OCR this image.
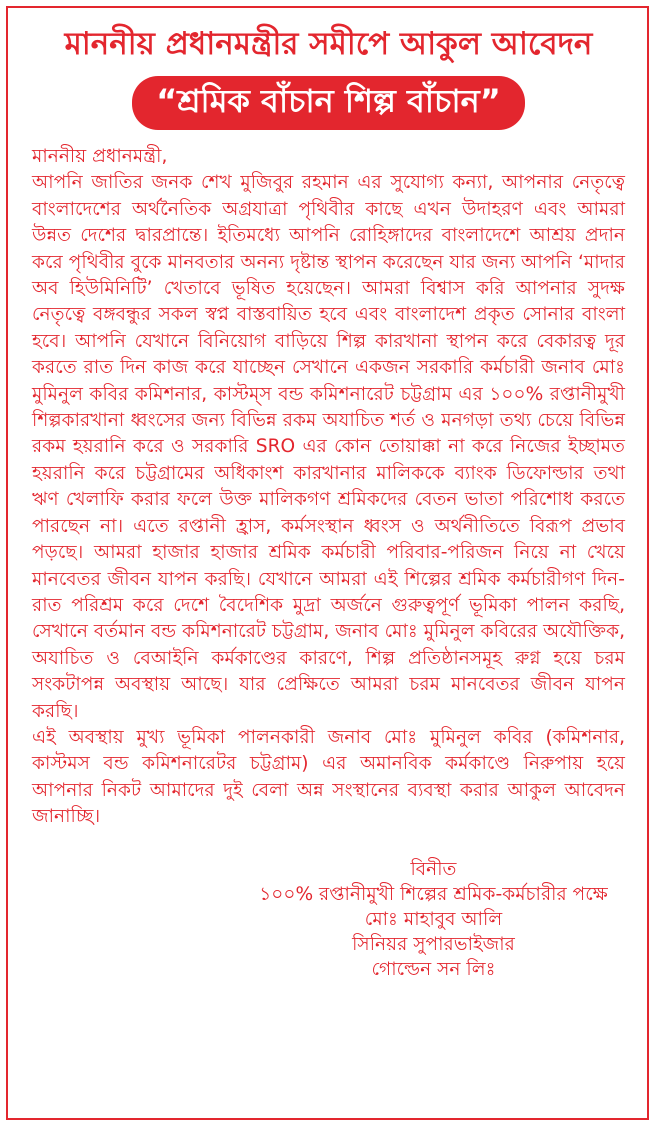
মাননীয় প্রধানমন্ত্রীর সমীপে আকুল আবেদন
“শ্রমিক বাঁচান শিল্প বাঁচান”

মাননীয় প্রধানমন্ত্রী,

আপনি জাতির জনক শেখ মুজিবুর রহমান এর সুযোগ্য কন্যা, আপনার নেতৃত্বে বাংলাদেশের অর্থনৈতিক অগ্রযাত্রা পৃথিবীর কাছে এখন উদাহরণ এবং আমরা উন্নত দেশের দ্বারপ্রান্তে। ইতিমধ্যে আপনি রোহিঙ্গাদের বাংলাদেশে আশ্রয় প্রদান করে পৃথিবীর বুকে মানবতার অনন্য দৃষ্টান্ত স্থাপন করেছেন যার জন্য আপনি ‘মাদার অব হিউমিনিটি’ খেতাবে ভূষিত হয়েছেন। আমরা বিশ্বাস করি আপনার সুদক্ষ নেতৃত্বে বঙ্গবন্ধুর সকল স্বপ্ন বাস্তবায়িত হবে এবং বাংলাদেশ প্রকৃত সোনার বাংলা হবে। আপনি যেখানে বিনিয়োগ বাড়িয়ে শিল্প কারখানা স্থাপন করে বেকারত্ব দূর করতে রাত দিন কাজ করে যাচ্ছেন সেখানে একজন সরকারি কর্মচারী জনাব মোঃ মুমিনুল কবির কমিশনার, কাস্টম্স বন্ড কমিশনারেট চট্টগ্রাম এর ১০০% রপ্তানীমুখী শিল্পকারখানা ধ্বংসের জন্য বিভিন্ন রকম অযাচিত শর্ত ও মনগড়া তথ্য চেয়ে বিভিন্ন রকম হয়রানি করে ও সরকারি SRO এর কোন তোয়াক্কা না করে নিজের ইচ্ছামত হয়রানি করে চট্টগ্রামের অধিকাংশ কারখানার মালিককে ব্যাংক ডিফোল্ডার তথা ঋণ খেলাফি করার ফলে উক্ত মালিকগণ শ্রমিকদের বেতন ভাতা পরিশোধ করতে পারছেন না। এতে রপ্তানী হ্রাস, কর্মসংস্থান ধ্বংস ও অর্থনীতিতে বিরূপ প্রভাব পড়ছে। আমরা হাজার হাজার শ্রমিক কর্মচারী পরিবার-পরিজন নিয়ে না খেয়ে মানবেতর জীবন যাপন করছি। যেখানে আমরা এই শিল্পের শ্রমিক কর্মচারীগণ দিন-রাত পরিশ্রম করে দেশে বৈদেশিক মুদ্রা অর্জনে গুরুত্বপূর্ণ ভূমিকা পালন করছি, সেখানে বর্তমান বন্ড কমিশনারেট চট্টগ্রাম, জনাব মোঃ মুমিনুল কবিরের অযৌক্তিক, অযাচিত ও বেআইনি কর্মকাণ্ডের কারণে, শিল্প প্রতিষ্ঠানসমূহ রুগ্ন হয়ে চরম সংকটাপন্ন অবস্থায় আছে। যার প্রেক্ষিতে আমরা চরম মানবেতর জীবন যাপন করছি।

এই অবস্থায় মুখ্য ভূমিকা পালনকারী জনাব মোঃ মুমিনুল কবির (কমিশনার, কাস্টমস বন্ড কমিশনারেটর চট্টগ্রাম) এর অমানবিক কর্মকাণ্ডে নিরুপায় হয়ে আপনার নিকট আমাদের দুই বেলা অন্ন সংস্থানের ব্যবস্থা করার আকুল আবেদন জানাচ্ছি।

বিনীত
১০০% রপ্তানীমুখী শিল্পের শ্রমিক-কর্মচারীর পক্ষে
মোঃ মাহাবুব আলি
সিনিয়র সুপারভাইজার
গোল্ডেন সন লিঃ
